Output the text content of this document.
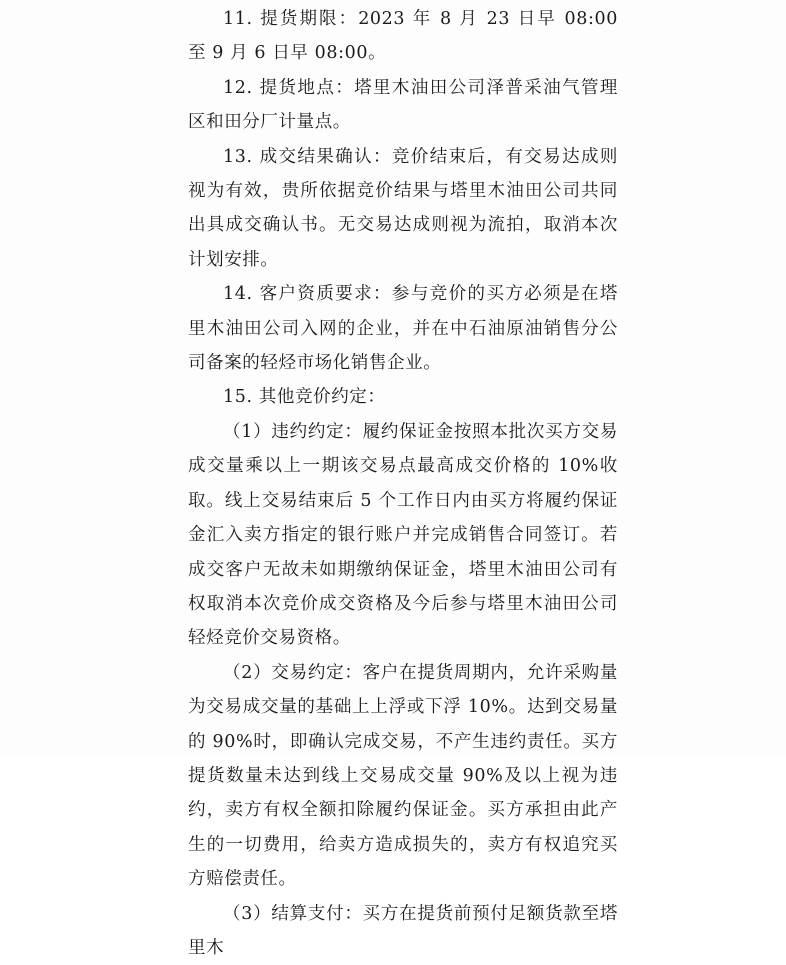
11. 提货期限：2023 年 8 月 23 日早 08:00 至 9 月 6 日早 08:00。

12. 提货地点：塔里木油田公司泽普采油气管理区和田分厂计量点。

13. 成交结果确认：竞价结束后，有交易达成则视为有效，贵所依据竞价结果与塔里木油田公司共同出具成交确认书。无交易达成则视为流拍，取消本次计划安排。

14. 客户资质要求：参与竞价的买方必须是在塔里木油田公司入网的企业，并在中石油原油销售分公司备案的轻烃市场化销售企业。

15. 其他竞价约定：

（1）违约约定：履约保证金按照本批次买方交易成交量乘以上一期该交易点最高成交价格的 10%收取。线上交易结束后 5 个工作日内由买方将履约保证金汇入卖方指定的银行账户并完成销售合同签订。若成交客户无故未如期缴纳保证金，塔里木油田公司有权取消本次竞价成交资格及今后参与塔里木油田公司轻烃竞价交易资格。

（2）交易约定：客户在提货周期内，允许采购量为交易成交量的基础上上浮或下浮 10%。达到交易量的 90%时，即确认完成交易，不产生违约责任。买方提货数量未达到线上交易成交量 90%及以上视为违约，卖方有权全额扣除履约保证金。买方承担由此产生的一切费用，给卖方造成损失的，卖方有权追究买方赔偿责任。

（3）结算支付：买方在提货前预付足额货款至塔里木
